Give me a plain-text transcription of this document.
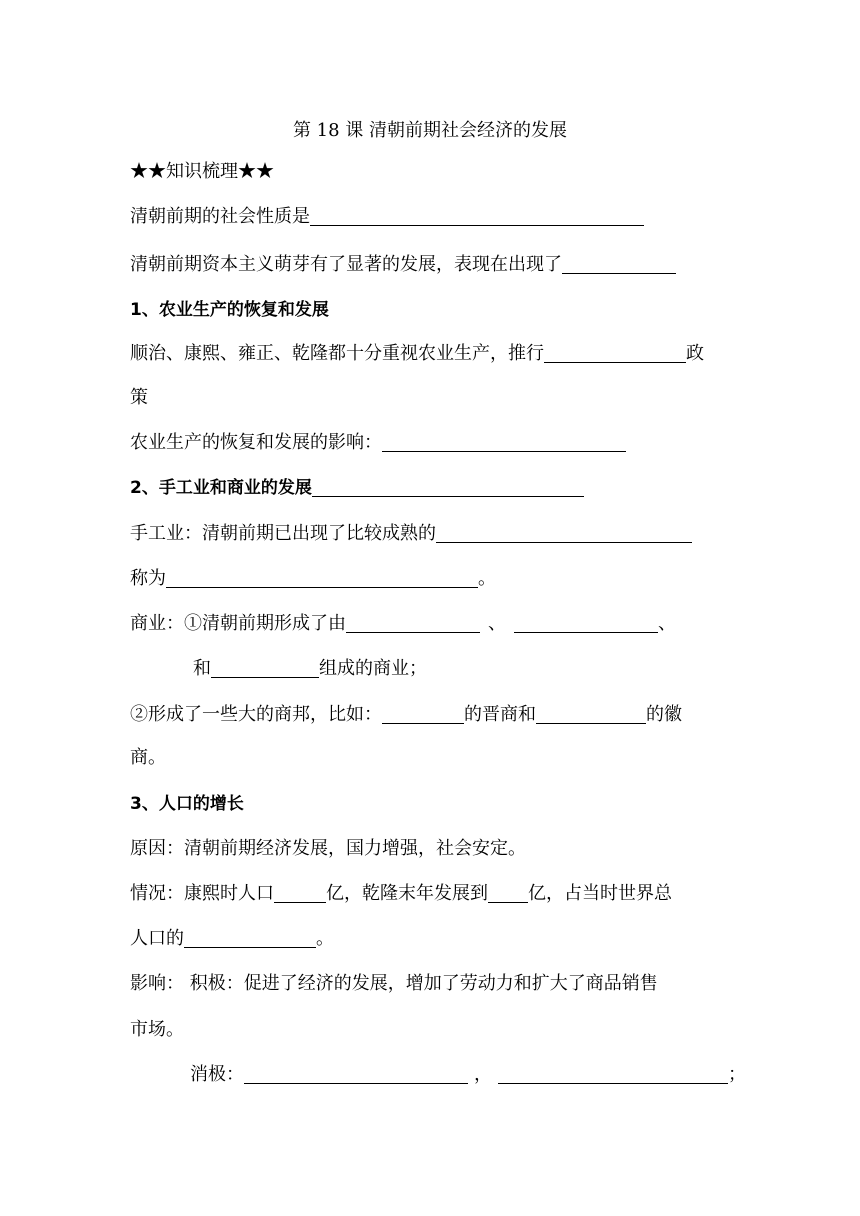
第 18 课 清朝前期社会经济的发展
★★知识梳理★★
清朝前期的社会性质是
清朝前期资本主义萌芽有了显著的发展，表现在出现了
1、农业生产的恢复和发展
顺治、康熙、雍正、乾隆都十分重视农业生产，推行	政
策
农业生产的恢复和发展的影响：
2、手工业和商业的发展
手工业：清朝前期已出现了比较成熟的
称为	。
商业：①清朝前期形成了由	、	、
和	组成的商业；
②形成了一些大的商邦，比如：	的晋商和	的徽
商。
3、人口的增长
原因：清朝前期经济发展，国力增强，社会安定。
情况：康熙时人口	亿，乾隆末年发展到 亿，占当时世界总
人口的	。
影响： 积极：促进了经济的发展，增加了劳动力和扩大了商品销售
市场。
消极：	，	；
